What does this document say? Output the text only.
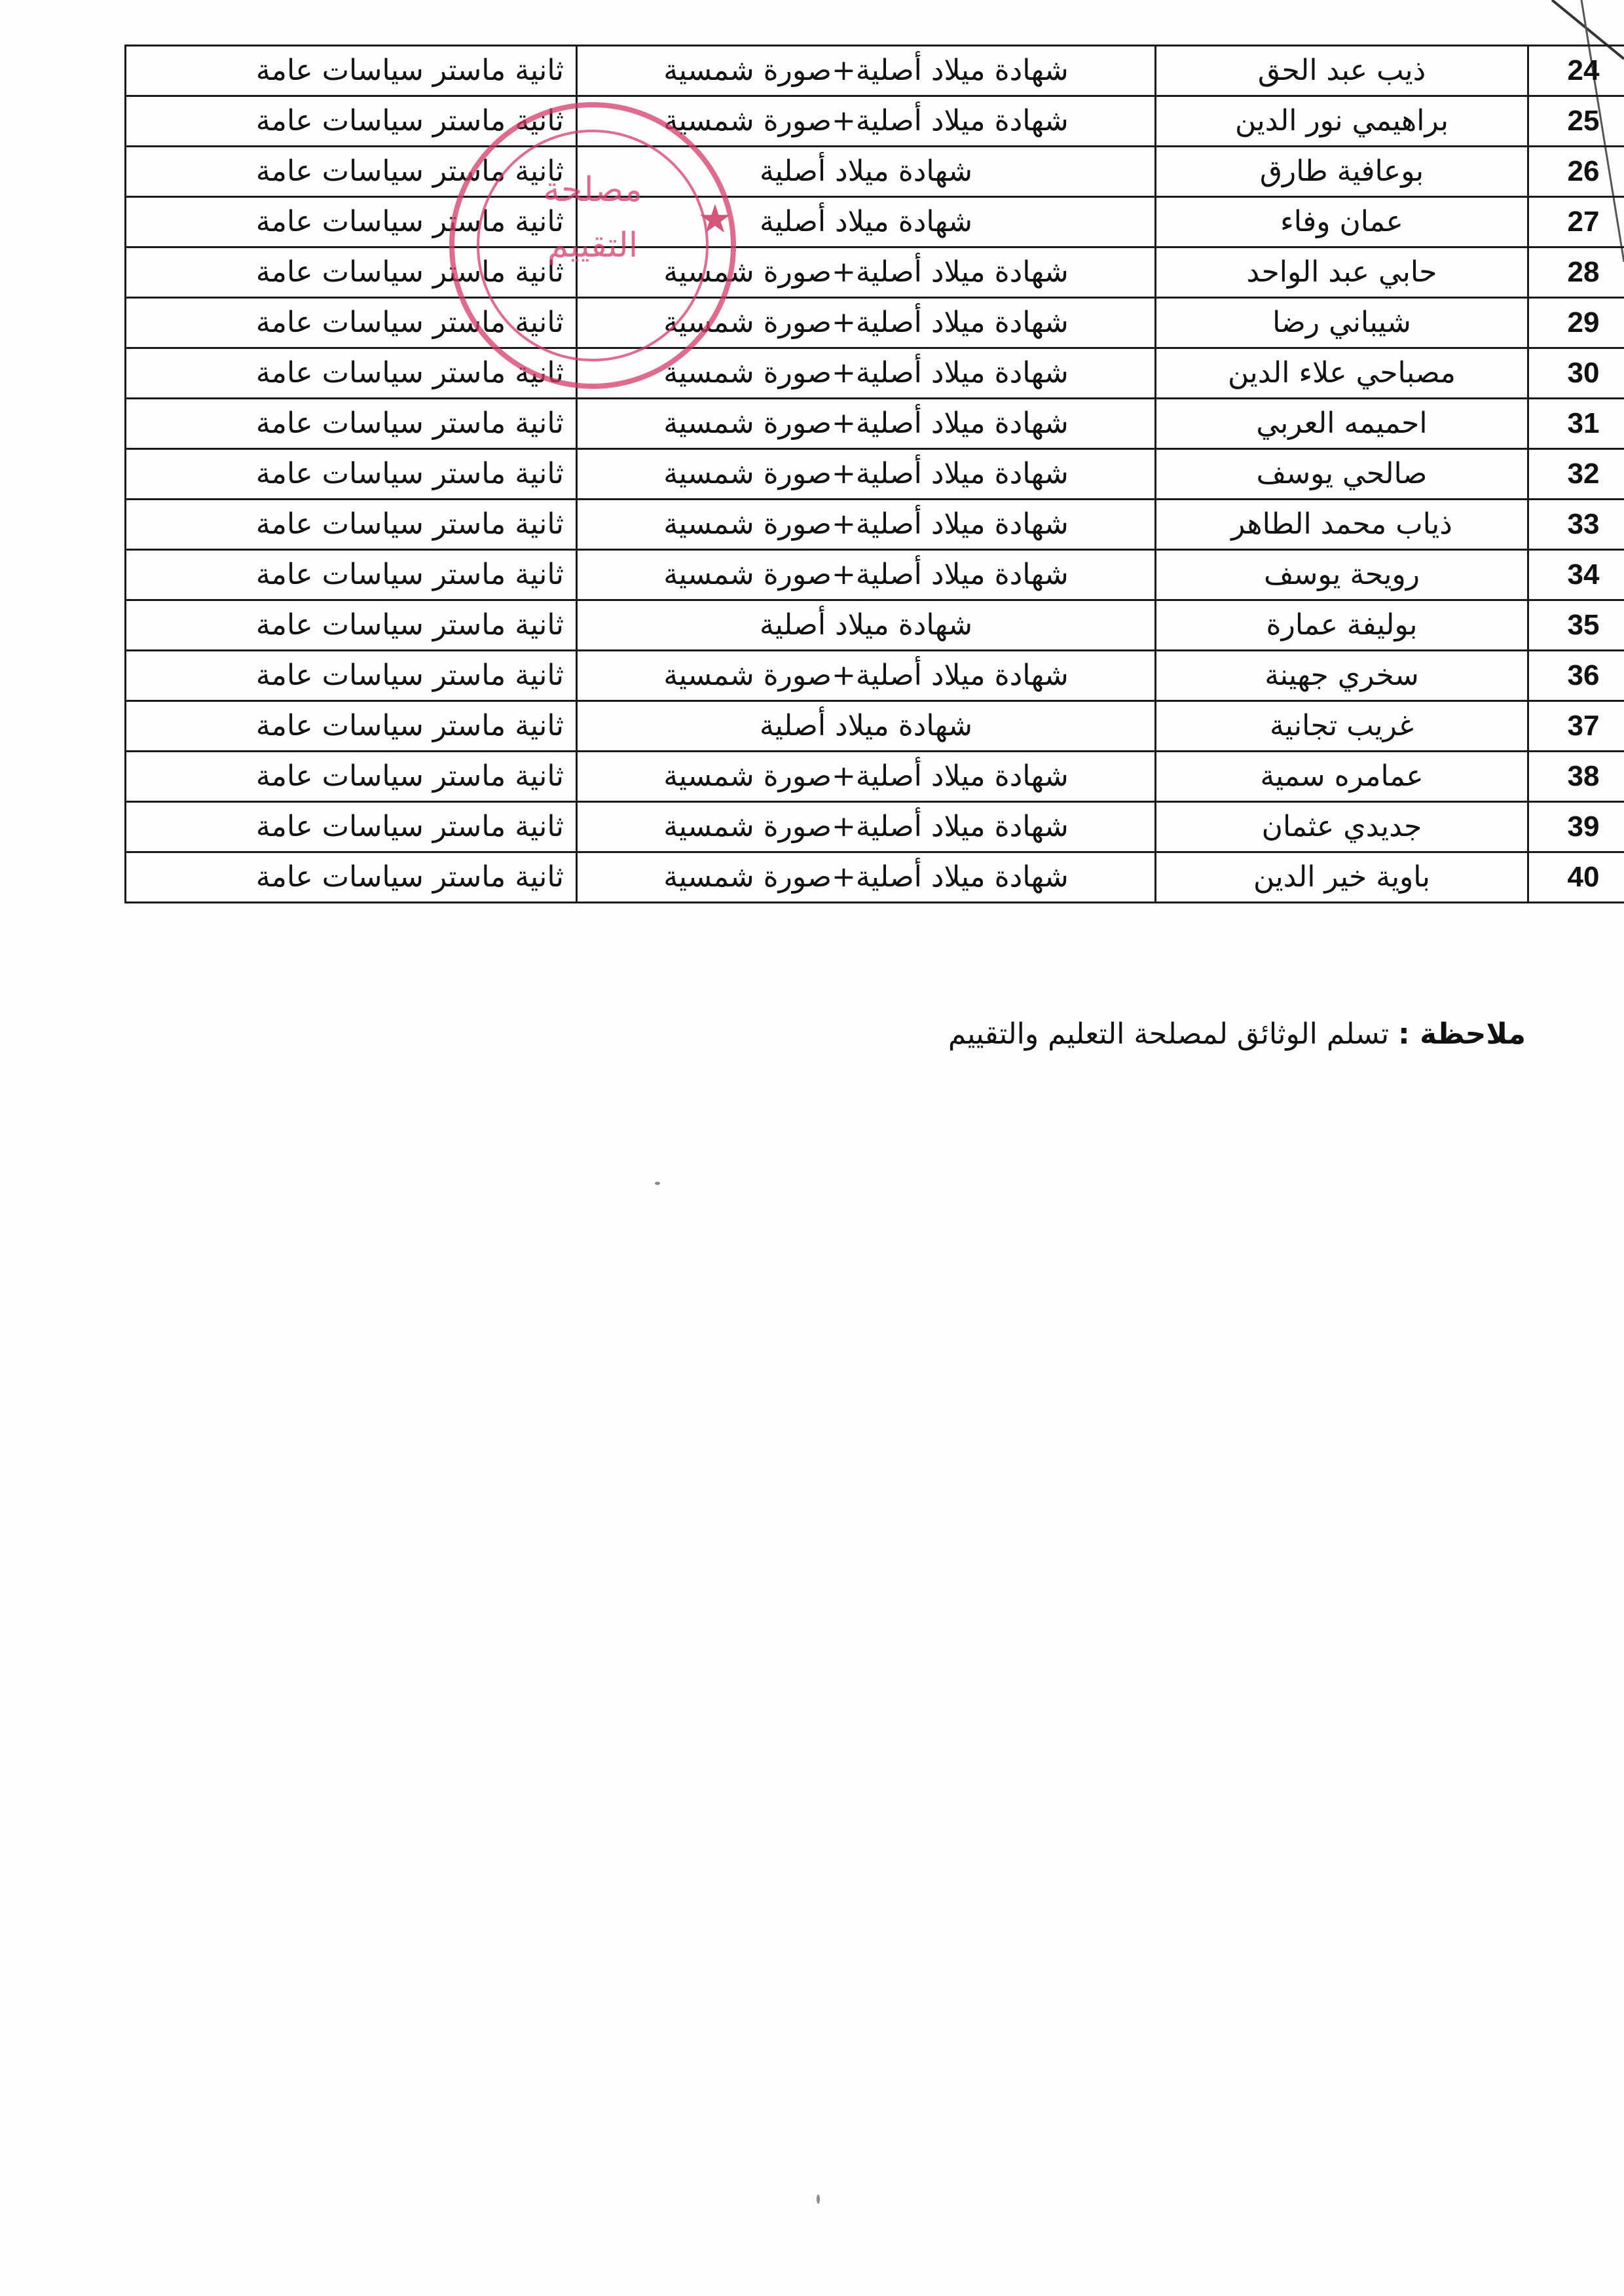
24	ذيب عبد الحق	شهادة ميلاد أصلية+صورة شمسية	ثانية ماستر سياسات عامة
25	براهيمي نور الدين	شهادة ميلاد أصلية+صورة شمسية	ثانية ماستر سياسات عامة
26	بوعافية طارق	شهادة ميلاد أصلية	ثانية ماستر سياسات عامة
27	عمان وفاء	شهادة ميلاد أصلية	ثانية ماستر سياسات عامة
28	حابي عبد الواحد	شهادة ميلاد أصلية+صورة شمسية	ثانية ماستر سياسات عامة
29	شيباني رضا	شهادة ميلاد أصلية+صورة شمسية	ثانية ماستر سياسات عامة
30	مصباحي علاء الدين	شهادة ميلاد أصلية+صورة شمسية	ثانية ماستر سياسات عامة
31	احميمه العربي	شهادة ميلاد أصلية+صورة شمسية	ثانية ماستر سياسات عامة
32	صالحي يوسف	شهادة ميلاد أصلية+صورة شمسية	ثانية ماستر سياسات عامة
33	ذياب محمد الطاهر	شهادة ميلاد أصلية+صورة شمسية	ثانية ماستر سياسات عامة
34	رويحة يوسف	شهادة ميلاد أصلية+صورة شمسية	ثانية ماستر سياسات عامة
35	بوليفة عمارة	شهادة ميلاد أصلية	ثانية ماستر سياسات عامة
36	سخري جهينة	شهادة ميلاد أصلية+صورة شمسية	ثانية ماستر سياسات عامة
37	غريب تجانية	شهادة ميلاد أصلية	ثانية ماستر سياسات عامة
38	عمامره سمية	شهادة ميلاد أصلية+صورة شمسية	ثانية ماستر سياسات عامة
39	جديدي عثمان	شهادة ميلاد أصلية+صورة شمسية	ثانية ماستر سياسات عامة
40	باوية خير الدين	شهادة ميلاد أصلية+صورة شمسية	ثانية ماستر سياسات عامة
مصلحة
التقييم
★
ملاحظة : تسلم الوثائق لمصلحة التعليم والتقييم
